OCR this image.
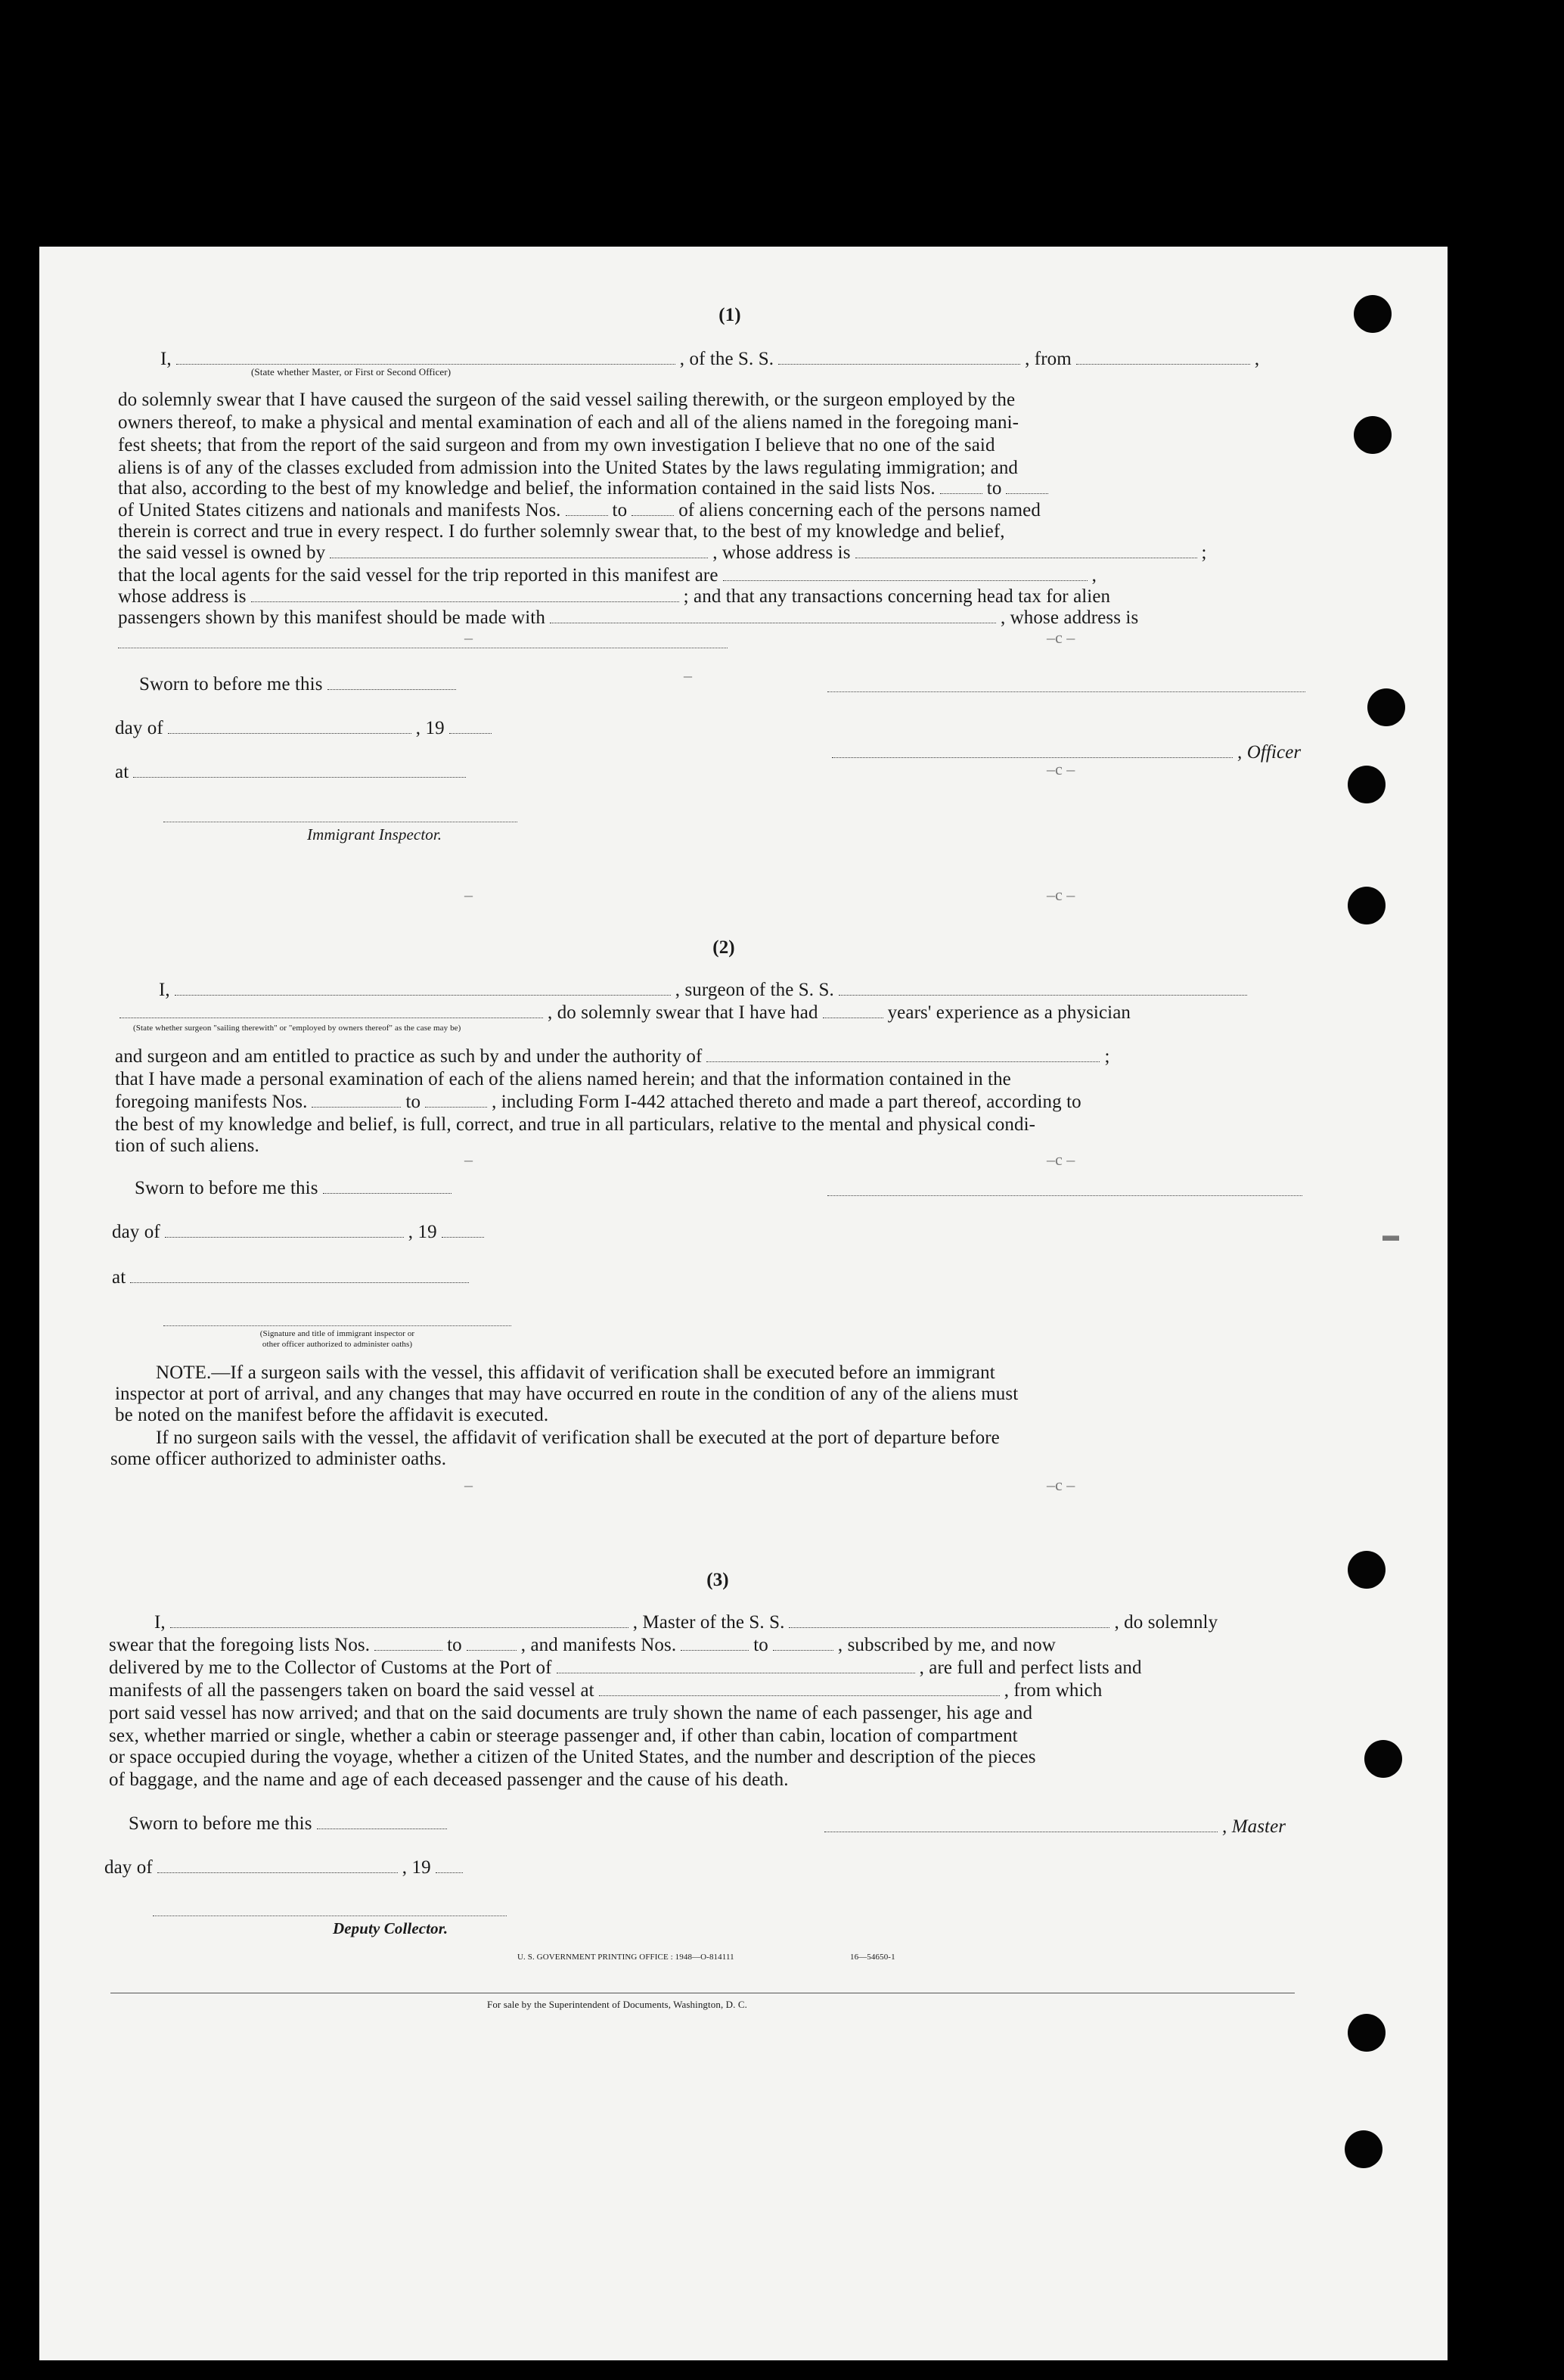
(1)
I,	, of the S. S.	, from	,
(State whether Master, or First or Second Officer)
do solemnly swear that I have caused the surgeon of the said vessel sailing therewith, or the surgeon employed by the
owners thereof, to make a physical and mental examination of each and all of the aliens named in the foregoing mani-
fest sheets; that from the report of the said surgeon and from my own investigation I believe that no one of the said
aliens is of any of the classes excluded from admission into the United States by the laws regulating immigration; and
that also, according to the best of my knowledge and belief, the information contained in the said lists Nos.	to
of United States citizens and nationals and manifests Nos.	to	of aliens concerning each of the persons named
therein is correct and true in every respect. I do further solemnly swear that, to the best of my knowledge and belief,
the said vessel is owned by	, whose address is	;
that the local agents for the said vessel for the trip reported in this manifest are	,
whose address is	; and that any transactions concerning head tax for alien
passengers shown by this manifest should be made with	, whose address is
Sworn to before me this
day of	, 19
, Officer
at
Immigrant Inspector.
(2)
I,	, surgeon of the S. S.
, do solemnly swear that I have had	years' experience as a physician
(State whether surgeon "sailing therewith" or "employed by owners thereof" as the case may be)
and surgeon and am entitled to practice as such by and under the authority of	;
that I have made a personal examination of each of the aliens named herein; and that the information contained in the
foregoing manifests Nos.	to	, including Form I-442 attached thereto and made a part thereof, according to
the best of my knowledge and belief, is full, correct, and true in all particulars, relative to the mental and physical condi-
tion of such aliens.
Sworn to before me this
day of	, 19
at
(Signature and title of immigrant inspector or
other officer authorized to administer oaths)
NOTE.—If a surgeon sails with the vessel, this affidavit of verification shall be executed before an immigrant
inspector at port of arrival, and any changes that may have occurred en route in the condition of any of the aliens must
be noted on the manifest before the affidavit is executed.
If no surgeon sails with the vessel, the affidavit of verification shall be executed at the port of departure before
some officer authorized to administer oaths.
(3)
I,	, Master of the S. S.	, do solemnly
swear that the foregoing lists Nos.	to	, and manifests Nos.	to	, subscribed by me, and now
delivered by me to the Collector of Customs at the Port of	, are full and perfect lists and
manifests of all the passengers taken on board the said vessel at	, from which
port said vessel has now arrived; and that on the said documents are truly shown the name of each passenger, his age and
sex, whether married or single, whether a cabin or steerage passenger and, if other than cabin, location of compartment
or space occupied during the voyage, whether a citizen of the United States, and the number and description of the pieces
of baggage, and the name and age of each deceased passenger and the cause of his death.
Sworn to before me this	, Master
day of	, 19
Deputy Collector.
U. S. GOVERNMENT PRINTING OFFICE : 1948—O-814111	16—54650-1
For sale by the Superintendent of Documents, Washington, D. C.
‒	–c –
–
–c –
‒	–c –
‒	–c –
‒	–c –
▬
